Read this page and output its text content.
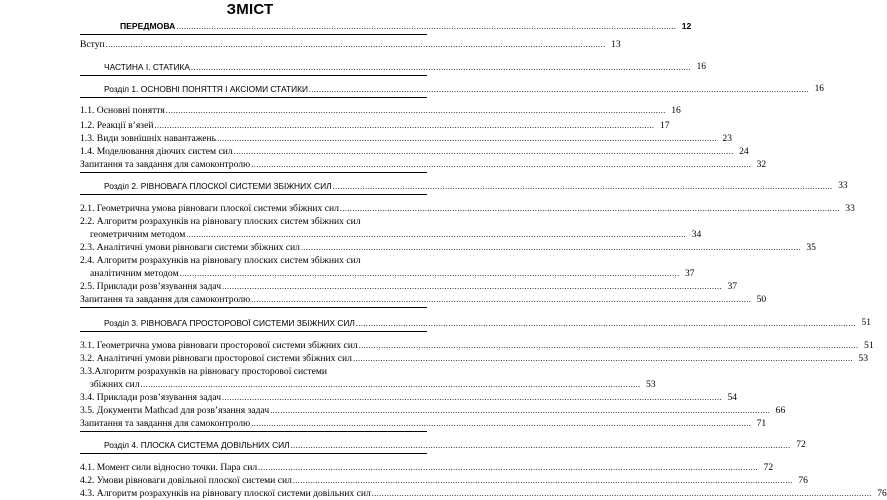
ЗМІСТ
ПЕРЕДМОВА .....	12
Вступ .....	13
ЧАСТИНА І. СТАТИКА .....	16
Розділ 1. ОСНОВНІ ПОНЯТТЯ І АКСІОМИ СТАТИКИ .....	16
1.1. Основні поняття .....	16
1.2. Реакції в’язей .....	17
1.3. Види зовнішніх навантажень .....	23
1.4. Моделювання діючих систем сил .....	24
Запитання та завдання для самоконтролю .....	32
Розділ 2. РІВНОВАГА ПЛОСКОЇ СИСТЕМИ ЗБІЖНИХ СИЛ .....	33
2.1. Геометрична умова рівноваги плоскої системи збіжних сил .....	33
2.2. Алгоритм розрахунків на рівновагу плоских систем збіжних сил
геометричним методом .....	34
2.3. Аналітичні умови рівноваги системи збіжних сил .....	35
2.4. Алгоритм розрахунків на рівновагу плоских систем збіжних сил
аналітичним методом .....	37
2.5. Приклади розв’язування задач .....	37
Запитання та завдання для самоконтролю .....	50
Розділ 3. РІВНОВАГА ПРОСТОРОВОЇ СИСТЕМИ ЗБІЖНИХ СИЛ .....	51
3.1. Геометрична умова рівноваги просторової системи збіжних сил .....	51
3.2. Аналітичні умови рівноваги просторової системи збіжних сил .....	53
3.3.Алгоритм розрахунків на рівновагу просторової системи
збіжних сил .....	53
3.4. Приклади розв’язування задач .....	54
3.5. Документи Mathcad для розв’язання задач .....	66
Запитання та завдання для самоконтролю .....	71
Розділ 4. ПЛОСКА СИСТЕМА ДОВІЛЬНИХ СИЛ .....	72
4.1. Момент сили відносно точки. Пара сил .....	72
4.2. Умови рівноваги довільної плоскої системи сил .....	76
4.3. Алгоритм розрахунків на рівновагу плоскої системи довільних сил .....	76
